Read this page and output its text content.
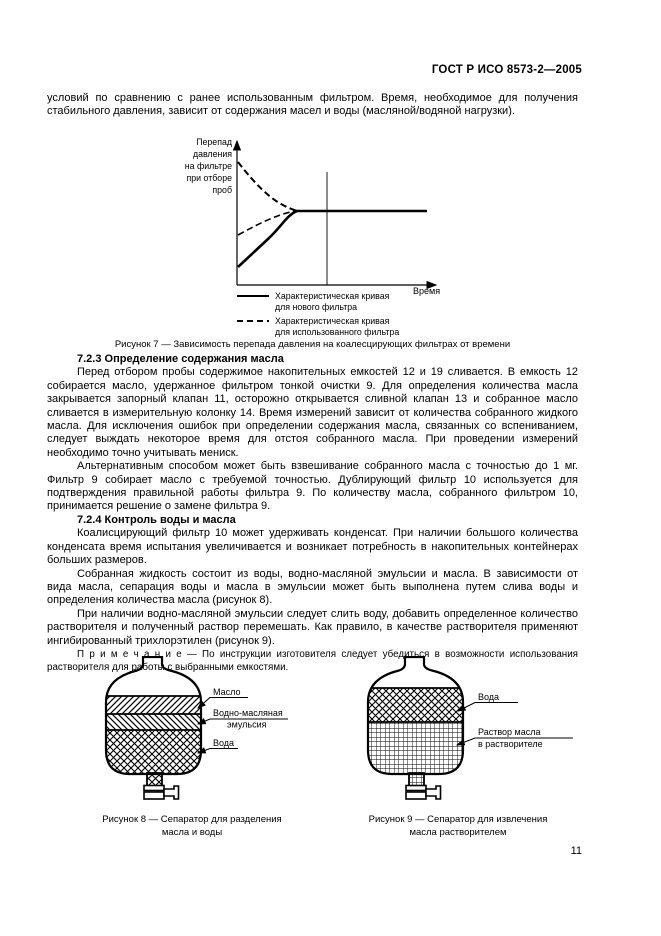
ГОСТ Р ИСО 8573-2—2005
условий по сравнению с ранее использованным фильтром. Время, необходимое для получения стабильного давления, зависит от содержания масел и воды (масляной/водяной нагрузки).
Перепад
давления
на фильтре
при отборе
проб
Время
Характеристическая кривая
для нового фильтра
Характеристическая кривая
для использованного фильтра
Рисунок 7 — Зависимость перепада давления на коалесцирующих фильтрах от времени
7.2.3 Определение содержания масла

Перед отбором пробы содержимое накопительных емкостей 12 и 19 сливается. В емкость 12 собирается масло, удержанное фильтром тонкой очистки 9. Для определения количества масла закрывается запорный клапан 11, осторожно открывается сливной клапан 13 и собранное масло сливается в измерительную колонку 14. Время измерений зависит от количества собранного жидкого масла. Для исключения ошибок при определении содержания масла, связанных со вспениванием, следует выждать некоторое время для отстоя собранного масла. При проведении измерений необходимо точно учитывать мениск.

Альтернативным способом может быть взвешивание собранного масла с точностью до 1 мг. Фильтр 9 собирает масло с требуемой точностью. Дублирующий фильтр 10 используется для подтверждения правильной работы фильтра 9. По количеству масла, собранного фильтром 10, принимается решение о замене фильтра 9.

7.2.4 Контроль воды и масла

Коалисцирующий фильтр 10 может удерживать конденсат. При наличии большого количества конденсата время испытания увеличивается и возникает потребность в накопительных контейнерах больших размеров.

Собранная жидкость состоит из воды, водно-масляной эмульсии и масла. В зависимости от вида масла, сепарация воды и масла в эмульсии может быть выполнена путем слива воды и определения количества масла (рисунок 8).

При наличии водно-масляной эмульсии следует слить воду, добавить определенное количество растворителя и полученный раствор перемешать. Как правило, в качестве растворителя применяют ингибированный трихлорэтилен (рисунок 9).

П р и м е ч а н и е — По инструкции изготовителя следует убедиться в возможности использования растворителя для работы с выбранными емкостями.

Масло
Водно-масляная
эмульсия
Вода
Вода
Раствор масла
в растворителе
Рисунок 8 — Сепаратор для разделения
масла и воды
Рисунок 9 — Сепаратор для извлечения
масла растворителем
11
